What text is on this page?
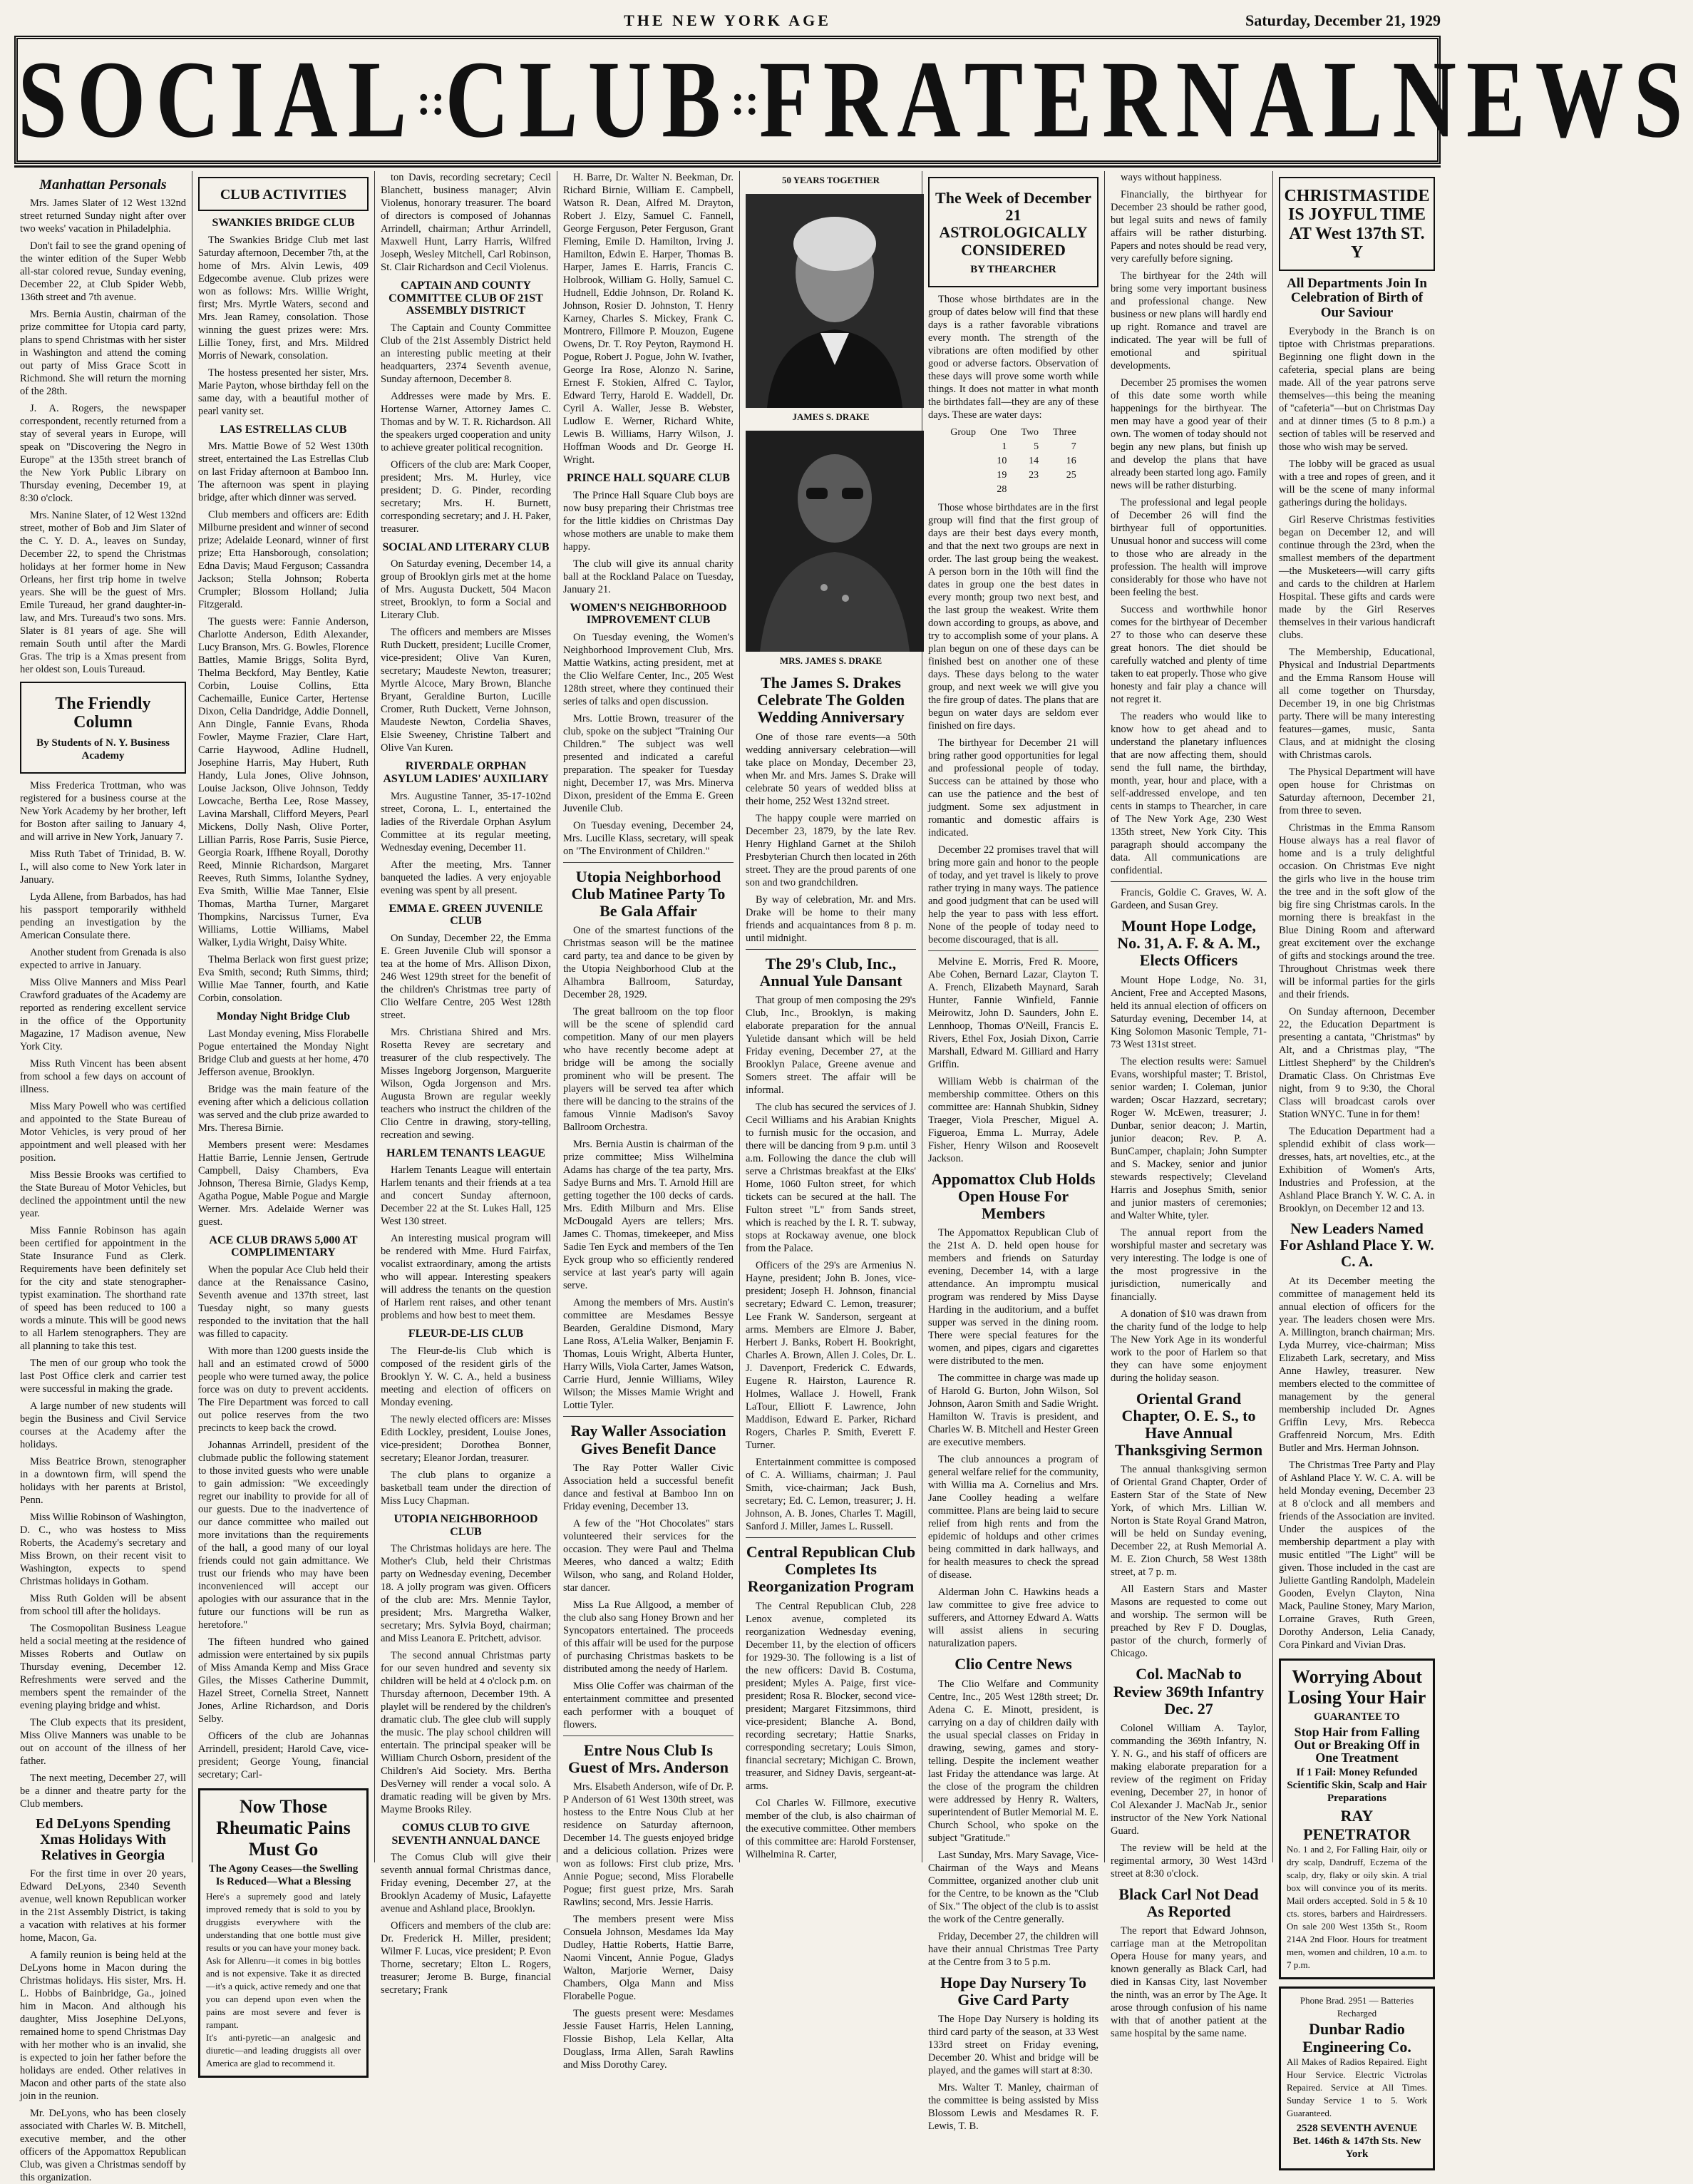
THE NEW YORK AGE	Saturday, December 21, 1929
SOCIAL :: CLUB :: FRATERNAL NEWS
Manhattan Personals

Mrs. James Slater of 12 West 132nd street returned Sunday night after over two weeks' vacation in Philadelphia.

Don't fail to see the grand opening of the winter edition of the Super Webb all-star colored revue, Sunday evening, December 22, at Club Spider Webb, 136th street and 7th avenue.

Mrs. Bernia Austin, chairman of the prize committee for Utopia card party, plans to spend Christmas with her sister in Washington and attend the coming out party of Miss Grace Scott in Richmond. She will return the morning of the 28th.

J. A. Rogers, the newspaper correspondent, recently returned from a stay of several years in Europe, will speak on "Discovering the Negro in Europe" at the 135th street branch of the New York Public Library on Thursday evening, December 19, at 8:30 o'clock.

Mrs. Nanine Slater, of 12 West 132nd street, mother of Bob and Jim Slater of the C. Y. D. A., leaves on Sunday, December 22, to spend the Christmas holidays at her former home in New Orleans, her first trip home in twelve years. She will be the guest of Mrs. Emile Tureaud, her grand daughter-in-law, and Mrs. Tureaud's two sons. Mrs. Slater is 81 years of age. She will remain South until after the Mardi Gras. The trip is a Xmas present from her oldest son, Louis Tureaud.

The Friendly Column
By Students of N. Y. Business Academy

Miss Frederica Trottman, who was registered for a business course at the New York Academy by her brother, left for Boston after sailing to January 4, and will arrive in New York, January 7.

Miss Ruth Tabet of Trinidad, B. W. I., will also come to New York later in January.

Lyda Allene, from Barbados, has had his passport temporarily withheld pending an investigation by the American Consulate there.

Another student from Grenada is also expected to arrive in January.

Miss Olive Manners and Miss Pearl Crawford graduates of the Academy are reported as rendering excellent service in the office of the Opportunity Magazine, 17 Madison avenue, New York City.

Miss Ruth Vincent has been absent from school a few days on account of illness.

Miss Mary Powell who was certified and appointed to the State Bureau of Motor Vehicles, is very proud of her appointment and well pleased with her position.

Miss Bessie Brooks was certified to the State Bureau of Motor Vehicles, but declined the appointment until the new year.

Miss Fannie Robinson has again been certified for appointment in the State Insurance Fund as Clerk. Requirements have been definitely set for the city and state stenographer-typist examination. The shorthand rate of speed has been reduced to 100 a words a minute. This will be good news to all Harlem stenographers. They are all planning to take this test.

The men of our group who took the last Post Office clerk and carrier test were successful in making the grade.

A large number of new students will begin the Business and Civil Service courses at the Academy after the holidays.

Miss Beatrice Brown, stenographer in a downtown firm, will spend the holidays with her parents at Bristol, Penn.

Miss Willie Robinson of Washington, D. C., who was hostess to Miss Roberts, the Academy's secretary and Miss Brown, on their recent visit to Washington, expects to spend Christmas holidays in Gotham.

Miss Ruth Golden will be absent from school till after the holidays.

The Cosmopolitan Business League held a social meeting at the residence of Misses Roberts and Outlaw on Thursday evening, December 12. Refreshments were served and the members spent the remainder of the evening playing bridge and whist.

The Club expects that its president, Miss Olive Manners was unable to be out on account of the illness of her father.

The next meeting, December 27, will be a dinner and theatre party for the Club members.

Ed DeLyons Spending Xmas Holidays With Relatives in Georgia

For the first time in over 20 years, Edward DeLyons, 2340 Seventh avenue, well known Republican worker in the 21st Assembly District, is taking a vacation with relatives at his former home, Macon, Ga.

A family reunion is being held at the DeLyons home in Macon during the Christmas holidays. His sister, Mrs. H. L. Hobbs of Bainbridge, Ga., joined him in Macon. And although his daughter, Miss Josephine DeLyons, remained home to spend Christmas Day with her mother who is an invalid, she is expected to join her father before the holidays are ended. Other relatives in Macon and other parts of the state also join in the reunion.

Mr. DeLyons, who has been closely associated with Charles W. B. Mitchell, executive member, and the other officers of the Appomattox Republican Club, was given a Christmas sendoff by this organization.

CLUB ACTIVITIES
SWANKIES BRIDGE CLUB

The Swankies Bridge Club met last Saturday afternoon, December 7th, at the home of Mrs. Alvin Lewis, 409 Edgecombe avenue. Club prizes were won as follows: Mrs. Willie Wright, first; Mrs. Myrtle Waters, second and Mrs. Jean Ramey, consolation. Those winning the guest prizes were: Mrs. Lillie Toney, first, and Mrs. Mildred Morris of Newark, consolation.

The hostess presented her sister, Mrs. Marie Payton, whose birthday fell on the same day, with a beautiful mother of pearl vanity set.

LAS ESTRELLAS CLUB

Mrs. Mattie Bowe of 52 West 130th street, entertained the Las Estrellas Club on last Friday afternoon at Bamboo Inn. The afternoon was spent in playing bridge, after which dinner was served.

Club members and officers are: Edith Milburne president and winner of second prize; Adelaide Leonard, winner of first prize; Etta Hansborough, consolation; Edna Davis; Maud Ferguson; Cassandra Jackson; Stella Johnson; Roberta Crumpler; Blossom Holland; Julia Fitzgerald.

The guests were: Fannie Anderson, Charlotte Anderson, Edith Alexander, Lucy Branson, Mrs. G. Bowles, Florence Battles, Mamie Briggs, Solita Byrd, Thelma Beckford, May Bentley, Katie Corbin, Louise Collins, Etta Cachemaille, Eunice Carter, Hertense Dixon, Celia Dandridge, Addie Donnell, Ann Dingle, Fannie Evans, Rhoda Fowler, Mayme Frazier, Clare Hart, Carrie Haywood, Adline Hudnell, Josephine Harris, May Hubert, Ruth Handy, Lula Jones, Olive Johnson, Louise Jackson, Olive Johnson, Teddy Lowcache, Bertha Lee, Rose Massey, Lavina Marshall, Clifford Meyers, Pearl Mickens, Dolly Nash, Olive Porter, Lillian Parris, Rose Parris, Susie Pierce, Georgia Roark, Iffhene Royall, Dorothy Reed, Minnie Richardson, Margaret Reeves, Ruth Simms, Iolanthe Sydney, Eva Smith, Willie Mae Tanner, Elsie Thomas, Martha Turner, Margaret Thompkins, Narcissus Turner, Eva Williams, Lottie Williams, Mabel Walker, Lydia Wright, Daisy White.

Thelma Berlack won first guest prize; Eva Smith, second; Ruth Simms, third; Willie Mae Tanner, fourth, and Katie Corbin, consolation.

Monday Night Bridge Club

Last Monday evening, Miss Florabelle Pogue entertained the Monday Night Bridge Club and guests at her home, 470 Jefferson avenue, Brooklyn.

Bridge was the main feature of the evening after which a delicious collation was served and the club prize awarded to Mrs. Theresa Birnie.

Members present were: Mesdames Hattie Barrie, Lennie Jensen, Gertrude Campbell, Daisy Chambers, Eva Johnson, Theresa Birnie, Gladys Kemp, Agatha Pogue, Mable Pogue and Margie Werner. Mrs. Adelaide Werner was guest.

ACE CLUB DRAWS 5,000 AT COMPLIMENTARY

When the popular Ace Club held their dance at the Renaissance Casino, Seventh avenue and 137th street, last Tuesday night, so many guests responded to the invitation that the hall was filled to capacity.

With more than 1200 guests inside the hall and an estimated crowd of 5000 people who were turned away, the police force was on duty to prevent accidents. The Fire Department was forced to call out police reserves from the two precincts to keep back the crowd.

Johannas Arrindell, president of the clubmade public the following statement to those invited guests who were unable to gain admission: "We exceedingly regret our inability to provide for all of our guests. Due to the inadvertence of our dance committee who mailed out more invitations than the requirements of the hall, a good many of our loyal friends could not gain admittance. We trust our friends who may have been inconvenienced will accept our apologies with our assurance that in the future our functions will be run as heretofore."

The fifteen hundred who gained admission were entertained by six pupils of Miss Amanda Kemp and Miss Grace Giles, the Misses Catherine Dummit, Hazel Street, Cornelia Street, Nannett Jones, Arline Richardson, and Doris Selby.

Officers of the club are Johannas Arrindell, president; Harold Cave, vice-president; George Young, financial secretary; Carl-

Now Those Rheumatic Pains Must Go
The Agony Ceases—the Swelling Is Reduced—What a Blessing
Here's a supremely good and lately improved remedy that is sold to you by druggists everywhere with the understanding that one bottle must give results or you can have your money back.
Ask for Allenru—it comes in big bottles and is not expensive. Take it as directed—it's a quick, active remedy and one that you can depend upon even when the pains are most severe and fever is rampant.
It's anti-pyretic—an analgesic and diuretic—and leading druggists all over America are glad to recommend it.

ton Davis, recording secretary; Cecil Blanchett, business manager; Alvin Violenus, honorary treasurer. The board of directors is composed of Johannas Arrindell, chairman; Arthur Arrindell, Maxwell Hunt, Larry Harris, Wilfred Joseph, Wesley Mitchell, Carl Robinson, St. Clair Richardson and Cecil Violenus.

CAPTAIN AND COUNTY COMMITTEE CLUB OF 21ST ASSEMBLY DISTRICT

The Captain and County Committee Club of the 21st Assembly District held an interesting public meeting at their headquarters, 2374 Seventh avenue, Sunday afternoon, December 8.

Addresses were made by Mrs. E. Hortense Warner, Attorney James C. Thomas and by W. T. R. Richardson. All the speakers urged cooperation and unity to achieve greater political recognition.

Officers of the club are: Mark Cooper, president; Mrs. M. Hurley, vice president; D. G. Pinder, recording secretary; Mrs. H. Burnett, corresponding secretary; and J. H. Paker, treasurer.

SOCIAL AND LITERARY CLUB

On Saturday evening, December 14, a group of Brooklyn girls met at the home of Mrs. Augusta Duckett, 504 Macon street, Brooklyn, to form a Social and Literary Club.

The officers and members are Misses Ruth Duckett, president; Lucille Cromer, vice-president; Olive Van Kuren, secretary; Maudeste Newton, treasurer; Myrtle Alcoce, Mary Brown, Blanche Bryant, Geraldine Burton, Lucille Cromer, Ruth Duckett, Verne Johnson, Maudeste Newton, Cordelia Shaves, Elsie Sweeney, Christine Talbert and Olive Van Kuren.

RIVERDALE ORPHAN ASYLUM LADIES' AUXILIARY

Mrs. Augustine Tanner, 35-17-102nd street, Corona, L. I., entertained the ladies of the Riverdale Orphan Asylum Committee at its regular meeting, Wednesday evening, December 11.

After the meeting, Mrs. Tanner banqueted the ladies. A very enjoyable evening was spent by all present.

EMMA E. GREEN JUVENILE CLUB

On Sunday, December 22, the Emma E. Green Juvenile Club will sponsor a tea at the home of Mrs. Allison Dixon, 246 West 129th street for the benefit of the children's Christmas tree party of Clio Welfare Centre, 205 West 128th street.

Mrs. Christiana Shired and Mrs. Rosetta Revey are secretary and treasurer of the club respectively. The Misses Ingeborg Jorgenson, Marguerite Wilson, Ogda Jorgenson and Mrs. Augusta Brown are regular weekly teachers who instruct the children of the Clio Centre in drawing, story-telling, recreation and sewing.

HARLEM TENANTS LEAGUE

Harlem Tenants League will entertain Harlem tenants and their friends at a tea and concert Sunday afternoon, December 22 at the St. Lukes Hall, 125 West 130 street.

An interesting musical program will be rendered with Mme. Hurd Fairfax, vocalist extraordinary, among the artists who will appear. Interesting speakers will address the tenants on the question of Harlem rent raises, and other tenant problems and how best to meet them.

FLEUR-DE-LIS CLUB

The Fleur-de-lis Club which is composed of the resident girls of the Brooklyn Y. W. C. A., held a business meeting and election of officers on Monday evening.

The newly elected officers are: Misses Edith Lockley, president, Louise Jones, vice-president; Dorothea Bonner, secretary; Eleanor Jordan, treasurer.

The club plans to organize a basketball team under the direction of Miss Lucy Chapman.

UTOPIA NEIGHBORHOOD CLUB

The Christmas holidays are here. The Mother's Club, held their Christmas party on Wednesday evening, December 18. A jolly program was given. Officers of the club are: Mrs. Mennie Taylor, president; Mrs. Margretha Walker, secretary; Mrs. Sylvia Boyd, chairman; and Miss Leanora E. Pritchett, advisor.

The second annual Christmas party for our seven hundred and seventy six children will be held at 4 o'clock p.m. on Thursday afternoon, December 19th. A playlet will be rendered by the children's dramatic club. The glee club will supply the music. The play school children will entertain. The principal speaker will be William Church Osborn, president of the Children's Aid Society. Mrs. Bertha DesVerney will render a vocal solo. A dramatic reading will be given by Mrs. Mayme Brooks Riley.

COMUS CLUB TO GIVE SEVENTH ANNUAL DANCE

The Comus Club will give their seventh annual formal Christmas dance, Friday evening, December 27, at the Brooklyn Academy of Music, Lafayette avenue and Ashland place, Brooklyn.

Officers and members of the club are: Dr. Frederick H. Miller, president; Wilmer F. Lucas, vice president; P. Evon Thorne, secretary; Elton L. Rogers, treasurer; Jerome B. Burge, financial secretary; Frank

H. Barre, Dr. Walter N. Beekman, Dr. Richard Birnie, William E. Campbell, Watson R. Dean, Alfred M. Drayton, Robert J. Elzy, Samuel C. Fannell, George Ferguson, Peter Ferguson, Grant Fleming, Emile D. Hamilton, Irving J. Hamilton, Edwin E. Harper, Thomas B. Harper, James E. Harris, Francis C. Holbrook, William G. Holly, Samuel C. Hudnell, Eddie Johnson, Dr. Roland K. Johnson, Rosier D. Johnston, T. Henry Karney, Charles S. Mickey, Frank C. Montrero, Fillmore P. Mouzon, Eugene Owens, Dr. T. Roy Peyton, Raymond H. Pogue, Robert J. Pogue, John W. Ivather, George Ira Rose, Alonzo N. Sarine, Ernest F. Stokien, Alfred C. Taylor, Edward Terry, Harold E. Waddell, Dr. Cyril A. Waller, Jesse B. Webster, Ludlow E. Werner, Richard White, Lewis B. Williams, Harry Wilson, J. Hoffman Woods and Dr. George H. Wright.

PRINCE HALL SQUARE CLUB

The Prince Hall Square Club boys are now busy preparing their Christmas tree for the little kiddies on Christmas Day whose mothers are unable to make them happy.

The club will give its annual charity ball at the Rockland Palace on Tuesday, January 21.

WOMEN'S NEIGHBORHOOD IMPROVEMENT CLUB

On Tuesday evening, the Women's Neighborhood Improvement Club, Mrs. Mattie Watkins, acting president, met at the Clio Welfare Center, Inc., 205 West 128th street, where they continued their series of talks and open discussion.

Mrs. Lottie Brown, treasurer of the club, spoke on the subject "Training Our Children." The subject was well presented and indicated a careful preparation. The speaker for Tuesday night, December 17, was Mrs. Minerva Dixon, president of the Emma E. Green Juvenile Club.

On Tuesday evening, December 24, Mrs. Lucille Klass, secretary, will speak on "The Environment of Children."

Utopia Neighborhood Club Matinee Party To Be Gala Affair

One of the smartest functions of the Christmas season will be the matinee card party, tea and dance to be given by the Utopia Neighborhood Club at the Alhambra Ballroom, Saturday, December 28, 1929.

The great ballroom on the top floor will be the scene of splendid card competition. Many of our men players who have recently become adept at bridge will be among the socially prominent who will be present. The players will be served tea after which there will be dancing to the strains of the famous Vinnie Madison's Savoy Ballroom Orchestra.

Mrs. Bernia Austin is chairman of the prize committee; Miss Wilhelmina Adams has charge of the tea party, Mrs. Sadye Burns and Mrs. T. Arnold Hill are getting together the 100 decks of cards. Mrs. Edith Milburn and Mrs. Elise McDougald Ayers are tellers; Mrs. James C. Thomas, timekeeper, and Miss Sadie Ten Eyck and members of the Ten Eyck group who so efficiently rendered service at last year's party will again serve.

Among the members of Mrs. Austin's committee are Mesdames Bessye Bearden, Geraldine Dismond, Mary Lane Ross, A'Lelia Walker, Benjamin F. Thomas, Louis Wright, Alberta Hunter, Harry Wills, Viola Carter, James Watson, Carrie Hurd, Jennie Williams, Wiley Wilson; the Misses Mamie Wright and Lottie Tyler.

Ray Waller Association Gives Benefit Dance

The Ray Potter Waller Civic Association held a successful benefit dance and festival at Bamboo Inn on Friday evening, December 13.

A few of the "Hot Chocolates" stars volunteered their services for the occasion. They were Paul and Thelma Meeres, who danced a waltz; Edith Wilson, who sang, and Roland Holder, star dancer.

Miss La Rue Allgood, a member of the club also sang Honey Brown and her Syncopators entertained. The proceeds of this affair will be used for the purpose of purchasing Christmas baskets to be distributed among the needy of Harlem.

Miss Olie Coffer was chairman of the entertainment committee and presented each performer with a bouquet of flowers.

Entre Nous Club Is Guest of Mrs. Anderson

Mrs. Elsabeth Anderson, wife of Dr. P. P Anderson of 61 West 130th street, was hostess to the Entre Nous Club at her residence on Saturday afternoon, December 14. The guests enjoyed bridge and a delicious collation. Prizes were won as follows: First club prize, Mrs. Annie Pogue; second, Miss Florabelle Pogue; first guest prize, Mrs. Sarah Rawlins; second, Mrs. Jessie Harris.

The members present were Miss Consuela Johnson, Mesdames Ida May Dudley, Hattie Roberts, Hattie Barre, Naomi Vincent, Annie Pogue, Gladys Walton, Marjorie Werner, Daisy Chambers, Olga Mann and Miss Florabelle Pogue.

The guests present were: Mesdames Jessie Fauset Harris, Helen Lanning, Flossie Bishop, Lela Kellar, Alta Douglass, Irma Allen, Sarah Rawlins and Miss Dorothy Carey.

50 YEARS TOGETHER
JAMES S. DRAKE
MRS. JAMES S. DRAKE
The James S. Drakes Celebrate The Golden Wedding Anniversary

One of those rare events—a 50th wedding anniversary celebration—will take place on Monday, December 23, when Mr. and Mrs. James S. Drake will celebrate 50 years of wedded bliss at their home, 252 West 132nd street.

The happy couple were married on December 23, 1879, by the late Rev. Henry Highland Garnet at the Shiloh Presbyterian Church then located in 26th street. They are the proud parents of one son and two grandchildren.

By way of celebration, Mr. and Mrs. Drake will be home to their many friends and acquaintances from 8 p. m. until midnight.

The 29's Club, Inc., Annual Yule Dansant

That group of men composing the 29's Club, Inc., Brooklyn, is making elaborate preparation for the annual Yuletide dansant which will be held Friday evening, December 27, at the Brooklyn Palace, Greene avenue and Somers street. The affair will be informal.

The club has secured the services of J. Cecil Williams and his Arabian Knights to furnish music for the occasion, and there will be dancing from 9 p.m. until 3 a.m. Following the dance the club will serve a Christmas breakfast at the Elks' Home, 1060 Fulton street, for which tickets can be secured at the hall. The Fulton street "L" from Sands street, which is reached by the I. R. T. subway, stops at Rockaway avenue, one block from the Palace.

Officers of the 29's are Armenius N. Hayne, president; John B. Jones, vice-president; Joseph H. Johnson, financial secretary; Edward C. Lemon, treasurer; Lee Frank W. Sanderson, sergeant at arms. Members are Elmore J. Baber, Herbert J. Banks, Robert H. Bookright, Charles A. Brown, Allen J. Coles, Dr. L. J. Davenport, Frederick C. Edwards, Eugene R. Hairston, Laurence R. Holmes, Wallace J. Howell, Frank LaTour, Elliott F. Lawrence, John Maddison, Edward E. Parker, Richard Rogers, Charles P. Smith, Everett F. Turner.

Entertainment committee is composed of C. A. Williams, chairman; J. Paul Smith, vice-chairman; Jack Bush, secretary; Ed. C. Lemon, treasurer; J. H. Johnson, A. B. Jones, Charles T. Magill, Sanford J. Miller, James L. Russell.

Central Republican Club Completes Its Reorganization Program

The Central Republican Club, 228 Lenox avenue, completed its reorganization Wednesday evening, December 11, by the election of officers for 1929-30. The following is a list of the new officers: David B. Costuma, president; Myles A. Paige, first vice-president; Rosa R. Blocker, second vice-president; Margaret Fitzsimmons, third vice-president; Blanche A. Bond, recording secretary; Hattie Snarks, corresponding secretary; Louis Simon, financial secretary; Michigan C. Brown, treasurer, and Sidney Davis, sergeant-at-arms.

Col Charles W. Fillmore, executive member of the club, is also chairman of the executive committee. Other members of this committee are: Harold Forstenser, Wilhelmina R. Carter,

The Week of December 21 ASTROLOGICALLY CONSIDERED
BY THEARCHER

Those whose birthdates are in the group of dates below will find that these days is a rather favorable vibrations every month. The strength of the vibrations are often modified by other good or adverse factors. Observation of these days will prove some worth while things. It does not matter in what month the birthdates fall—they are any of these days. These are water days:

Group	One	Two	Three
	1	5	7
	10	14	16
	19	23	25
	28		

Those whose birthdates are in the first group will find that the first group of days are their best days every month, and that the next two groups are next in order. The last group being the weakest. A person born in the 10th will find the dates in group one the best dates in every month; group two next best, and the last group the weakest. Write them down according to groups, as above, and try to accomplish some of your plans. A plan begun on one of these days can be finished best on another one of these days. These days belong to the water group, and next week we will give you the fire group of dates. The plans that are begun on water days are seldom ever finished on fire days.

The birthyear for December 21 will bring rather good opportunities for legal and professional people of today. Success can be attained by those who can use the patience and the best of judgment. Some sex adjustment in romantic and domestic affairs is indicated.

December 22 promises travel that will bring more gain and honor to the people of today, and yet travel is likely to prove rather trying in many ways. The patience and good judgment that can be used will help the year to pass with less effort. None of the people of today need to become discouraged, that is all.

Melvine E. Morris, Fred R. Moore, Abe Cohen, Bernard Lazar, Clayton T. A. French, Elizabeth Maynard, Sarah Hunter, Fannie Winfield, Fannie Meirowitz, John D. Saunders, John E. Lennhoop, Thomas O'Neill, Francis E. Rivers, Ethel Fox, Josiah Dixon, Carrie Marshall, Edward M. Gilliard and Harry Griffin.

William Webb is chairman of the membership committee. Others on this committee are: Hannah Shubkin, Sidney Traeger, Viola Prescher, Miguel A. Figueroa, Emma L. Murray, Adele Fisher, Henry Wilson and Roosevelt Jackson.

Appomattox Club Holds Open House For Members

The Appomattox Republican Club of the 21st A. D. held open house for members and friends on Saturday evening, December 14, with a large attendance. An impromptu musical program was rendered by Miss Dayse Harding in the auditorium, and a buffet supper was served in the dining room. There were special features for the women, and pipes, cigars and cigarettes were distributed to the men.

The committee in charge was made up of Harold G. Burton, John Wilson, Sol Johnson, Aaron Smith and Sadie Wright. Hamilton W. Travis is president, and Charles W. B. Mitchell and Hester Green are executive members.

The club announces a program of general welfare relief for the community, with Willia ma A. Cornelius and Mrs. Jane Coolley heading a welfare committee. Plans are being laid to secure relief from high rents and from the epidemic of holdups and other crimes being committed in dark hallways, and for health measures to check the spread of disease.

Alderman John C. Hawkins heads a law committee to give free advice to sufferers, and Attorney Edward A. Watts will assist aliens in securing naturalization papers.

Clio Centre News

The Clio Welfare and Community Centre, Inc., 205 West 128th street; Dr. Adena C. E. Minott, president, is carrying on a day of children daily with the usual special classes on Friday in drawing, sewing, games and story-telling. Despite the inclement weather last Friday the attendance was large. At the close of the program the children were addressed by Henry R. Walters, superintendent of Butler Memorial M. E. Church School, who spoke on the subject "Gratitude."

Last Sunday, Mrs. Mary Savage, Vice-Chairman of the Ways and Means Committee, organized another club unit for the Centre, to be known as the "Club of Six." The object of the club is to assist the work of the Centre generally.

Friday, December 27, the children will have their annual Christmas Tree Party at the Centre from 3 to 5 p.m.

Hope Day Nursery To Give Card Party

The Hope Day Nursery is holding its third card party of the season, at 33 West 133rd street on Friday evening, December 20. Whist and bridge will be played, and the games will start at 8:30.

Mrs. Walter T. Manley, chairman of the committee is being assisted by Miss Blossom Lewis and Mesdames R. F. Lewis, T. B.

ways without happiness.

Financially, the birthyear for December 23 should be rather good, but legal suits and news of family affairs will be rather disturbing. Papers and notes should be read very, very carefully before signing.

The birthyear for the 24th will bring some very important business and professional change. New business or new plans will hardly end up right. Romance and travel are indicated. The year will be full of emotional and spiritual developments.

December 25 promises the women of this date some worth while happenings for the birthyear. The men may have a good year of their own. The women of today should not begin any new plans, but finish up and develop the plans that have already been started long ago. Family news will be rather disturbing.

The professional and legal people of December 26 will find the birthyear full of opportunities. Unusual honor and success will come to those who are already in the profession. The health will improve considerably for those who have not been feeling the best.

Success and worthwhile honor comes for the birthyear of December 27 to those who can deserve these great honors. The diet should be carefully watched and plenty of time taken to eat properly. Those who give honesty and fair play a chance will not regret it.

The readers who would like to know how to get ahead and to understand the planetary influences that are now affecting them, should send the full name, the birthday, month, year, hour and place, with a self-addressed envelope, and ten cents in stamps to Thearcher, in care of The New York Age, 230 West 135th street, New York City. This paragraph should accompany the data. All communications are confidential.

Francis, Goldie C. Graves, W. A. Gardeen, and Susan Grey.

Mount Hope Lodge, No. 31, A. F. & A. M., Elects Officers

Mount Hope Lodge, No. 31, Ancient, Free and Accepted Masons, held its annual election of officers on Saturday evening, December 14, at King Solomon Masonic Temple, 71-73 West 131st street.

The election results were: Samuel Evans, worshipful master; T. Bristol, senior warden; I. Coleman, junior warden; Oscar Hazzard, secretary; Roger W. McEwen, treasurer; J. Dunbar, senior deacon; J. Martin, junior deacon; Rev. P. A. BunCamper, chaplain; John Sumpter and S. Mackey, senior and junior stewards respectively; Cleveland Harris and Josephus Smith, senior and junior masters of ceremonies; and Walter White, tyler.

The annual report from the worshipful master and secretary was very interesting. The lodge is one of the most progressive in the jurisdiction, numerically and financially.

A donation of $10 was drawn from the charity fund of the lodge to help The New York Age in its wonderful work to the poor of Harlem so that they can have some enjoyment during the holiday season.

Oriental Grand Chapter, O. E. S., to Have Annual Thanksgiving Sermon

The annual thanksgiving sermon of Oriental Grand Chapter, Order of Eastern Star of the State of New York, of which Mrs. Lillian W. Norton is State Royal Grand Matron, will be held on Sunday evening, December 22, at Rush Memorial A. M. E. Zion Church, 58 West 138th street, at 7 p. m.

All Eastern Stars and Master Masons are requested to come out and worship. The sermon will be preached by Rev F D. Douglas, pastor of the church, formerly of Chicago.

Col. MacNab to Review 369th Infantry Dec. 27

Colonel William A. Taylor, commanding the 369th Infantry, N. Y. N. G., and his staff of officers are making elaborate preparation for a review of the regiment on Friday evening, December 27, in honor of Col Alexander J. MacNab Jr., senior instructor of the New York National Guard.

The review will be held at the regimental armory, 30 West 143rd street at 8:30 o'clock.

Black Carl Not Dead As Reported

The report that Edward Johnson, carriage man at the Metropolitan Opera House for many years, and known generally as Black Carl, had died in Kansas City, last November the ninth, was an error by The Age. It arose through confusion of his name with that of another patient at the same hospital by the same name.

CHRISTMASTIDE IS JOYFUL TIME AT West 137th ST. Y
All Departments Join In Celebration of Birth of Our Saviour

Everybody in the Branch is on tiptoe with Christmas preparations. Beginning one flight down in the cafeteria, special plans are being made. All of the year patrons serve themselves—this being the meaning of "cafeteria"—but on Christmas Day and at dinner times (5 to 8 p.m.) a section of tables will be reserved and those who wish may be served.

The lobby will be graced as usual with a tree and ropes of green, and it will be the scene of many informal gatherings during the holidays.

Girl Reserve Christmas festivities began on December 12, and will continue through the 23rd, when the smallest members of the department—the Musketeers—will carry gifts and cards to the children at Harlem Hospital. These gifts and cards were made by the Girl Reserves themselves in their various handicraft clubs.

The Membership, Educational, Physical and Industrial Departments and the Emma Ransom House will all come together on Thursday, December 19, in one big Christmas party. There will be many interesting features—games, music, Santa Claus, and at midnight the closing with Christmas carols.

The Physical Department will have open house for Christmas on Saturday afternoon, December 21, from three to seven.

Christmas in the Emma Ransom House always has a real flavor of home and is a truly delightful occasion. On Christmas Eve night the girls who live in the house trim the tree and in the soft glow of the big fire sing Christmas carols. In the morning there is breakfast in the Blue Dining Room and afterward great excitement over the exchange of gifts and stockings around the tree. Throughout Christmas week there will be informal parties for the girls and their friends.

On Sunday afternoon, December 22, the Education Department is presenting a cantata, "Christmas" by Alt, and a Christmas play, "The Littlest Shepherd" by the Children's Dramatic Class. On Christmas Eve night, from 9 to 9:30, the Choral Class will broadcast carols over Station WNYC. Tune in for them!

The Education Department had a splendid exhibit of class work—dresses, hats, art novelties, etc., at the Exhibition of Women's Arts, Industries and Profession, at the Ashland Place Branch Y. W. C. A. in Brooklyn, on December 12 and 13.

New Leaders Named For Ashland Place Y. W. C. A.

At its December meeting the committee of management held its annual election of officers for the year. The leaders chosen were Mrs. A. Millington, branch chairman; Mrs. Lyda Murrey, vice-chairman; Miss Elizabeth Lark, secretary, and Miss Anne Hawley, treasurer. New members elected to the committee of management by the general membership included Dr. Agnes Griffin Levy, Mrs. Rebecca Graffenreid Norcum, Mrs. Edith Butler and Mrs. Herman Johnson.

The Christmas Tree Party and Play of Ashland Place Y. W. C. A. will be held Monday evening, December 23 at 8 o'clock and all members and friends of the Association are invited. Under the auspices of the membership department a play with music entitled "The Light" will be given. Those included in the cast are Juliette Gantling Randolph, Madelein Gooden, Evelyn Clayton, Nina Mack, Pauline Stoney, Mary Marion, Lorraine Graves, Ruth Green, Dorothy Anderson, Lelia Canady, Cora Pinkard and Vivian Dras.

Worrying About Losing Your Hair
GUARANTEE TO
Stop Hair from Falling Out or Breaking Off in One Treatment
If 1 Fail: Money Refunded Scientific Skin, Scalp and Hair Preparations
RAY PENETRATOR
No. 1 and 2, For Falling Hair, oily or dry scalp, Dandruff, Eczema of the scalp, dry, flaky or oily skin. A trial box will convince you of its merits. Mail orders accepted. Sold in 5 & 10 cts. stores, barbers and Hairdressers. On sale 200 West 135th St., Room 214A 2nd Floor. Hours for treatment men, women and children, 10 a.m. to 7 p.m.
Phone Brad. 2951 — Batteries Recharged
Dunbar Radio Engineering Co.
All Makes of Radios Repaired. Eight Hour Service. Electric Victrolas Repaired. Service at All Times. Sunday Service 1 to 5. Work Guaranteed.
2528 SEVENTH AVENUE Bet. 146th & 147th Sts. New York
